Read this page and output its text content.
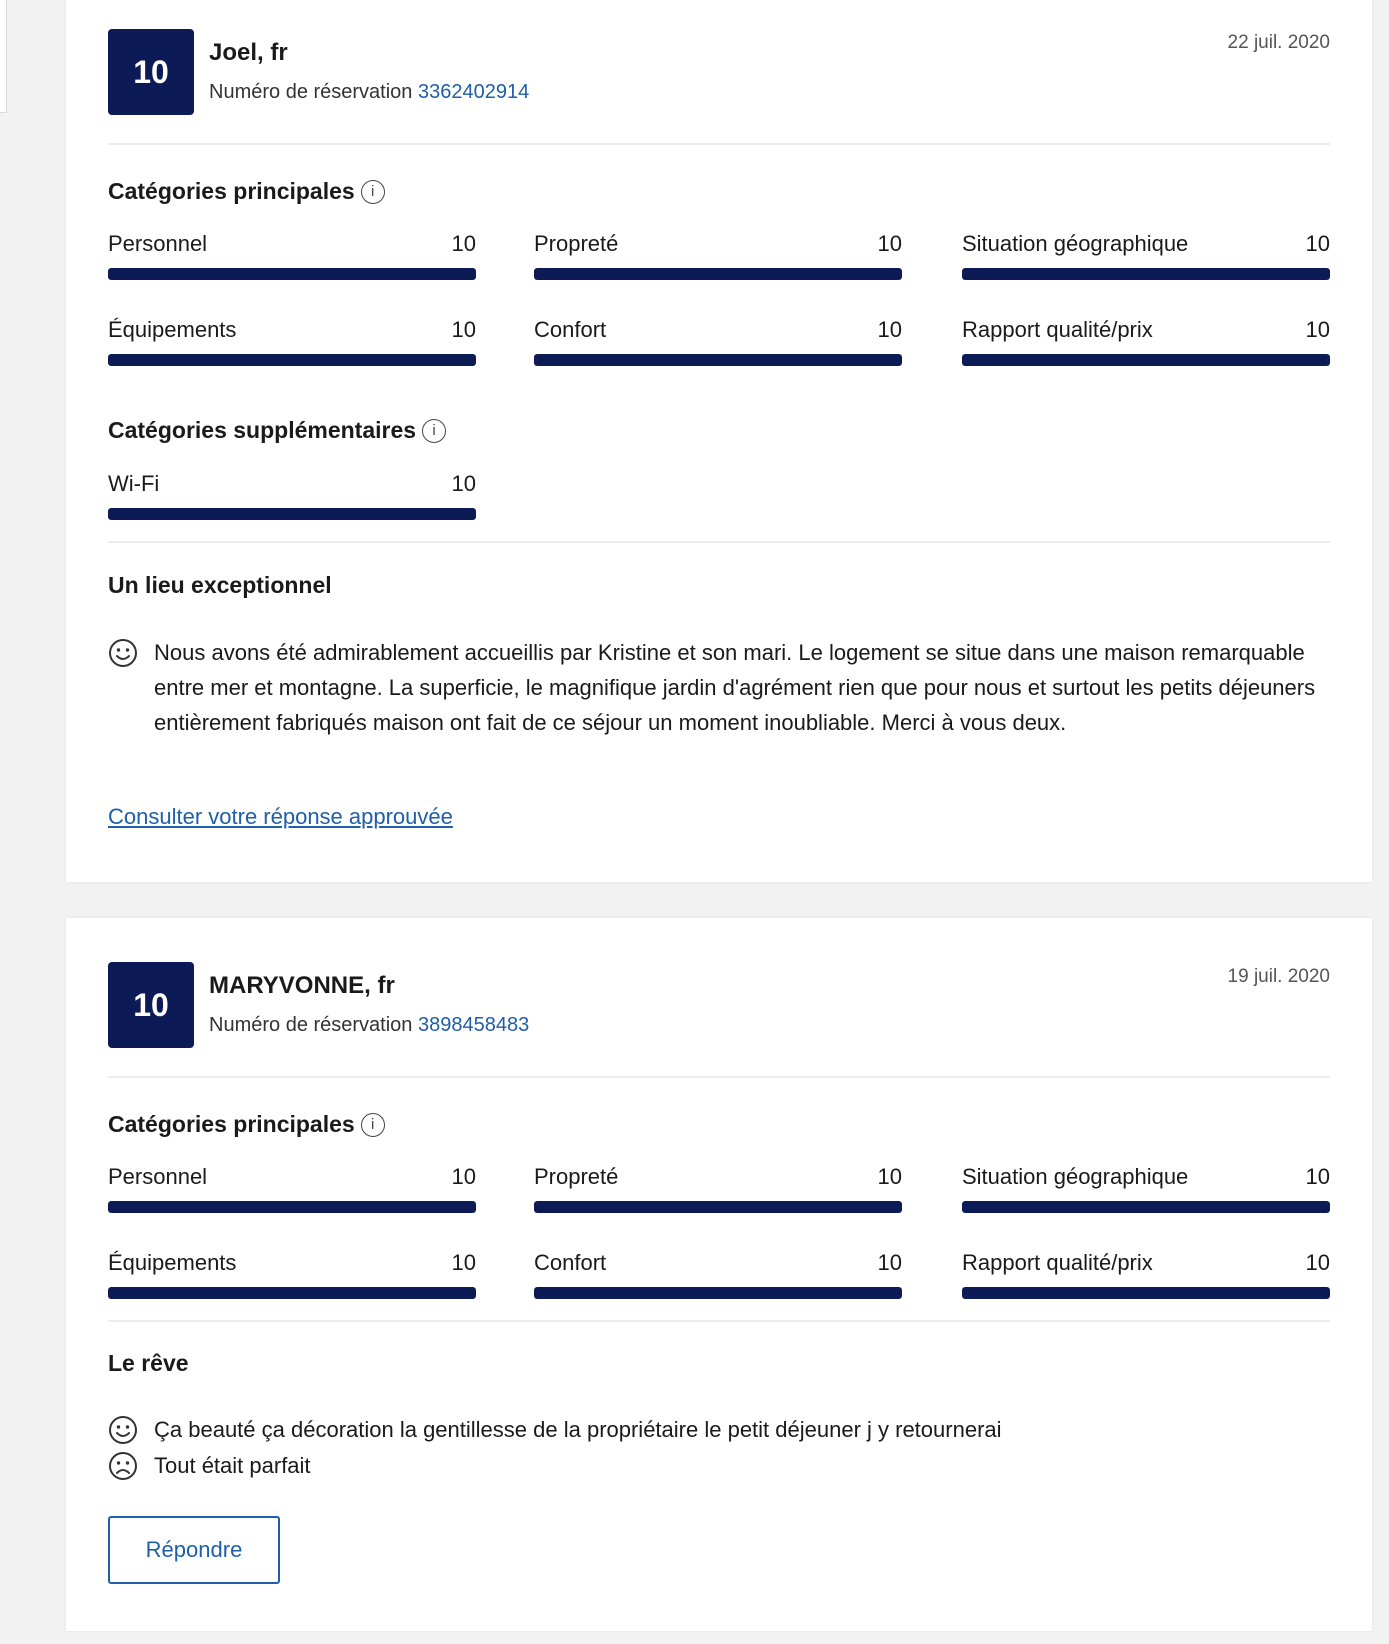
10
Joel, fr
Numéro de réservation 3362402914
22 juil. 2020
Catégories principales	i
Personnel	10	Propreté	10	Situation géographique	10
Équipements	10	Confort	10	Rapport qualité/prix	10
Catégories supplémentaires	i
Wi-Fi	10
Un lieu exceptionnel
Nous avons été admirablement accueillis par Kristine et son mari. Le logement se situe dans une maison remarquable entre mer et montagne. La superficie, le magnifique jardin d'agrément rien que pour nous et surtout les petits déjeuners entièrement fabriqués maison ont fait de ce séjour un moment inoubliable. Merci à vous deux.
Consulter votre réponse approuvée
10
MARYVONNE, fr
Numéro de réservation 3898458483
19 juil. 2020
Catégories principales	i
Personnel	10	Propreté	10	Situation géographique	10
Équipements	10	Confort	10	Rapport qualité/prix	10
Le rêve
Ça beauté ça décoration la gentillesse de la propriétaire le petit déjeuner j y retournerai
Tout était parfait
Répondre
